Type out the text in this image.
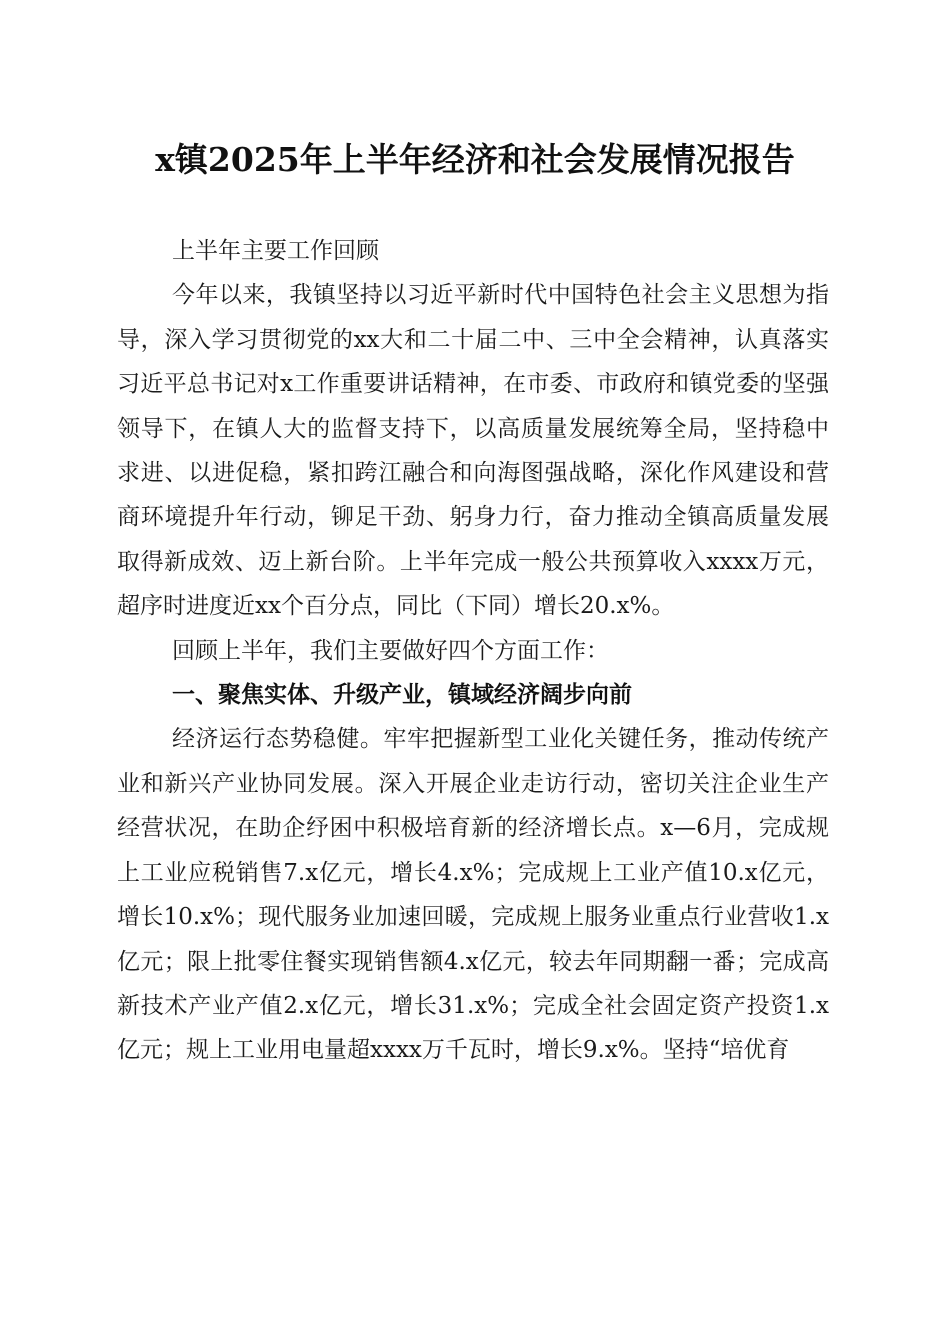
x镇2025年上半年经济和社会发展情况报告

上半年主要工作回顾

今年以来，我镇坚持以习近平新时代中国特色社会主义思想为指导，深入学习贯彻党的xx大和二十届二中、三中全会精神，认真落实习近平总书记对x工作重要讲话精神，在市委、市政府和镇党委的坚强领导下，在镇人大的监督支持下，以高质量发展统筹全局，坚持稳中求进、以进促稳，紧扣跨江融合和向海图强战略，深化作风建设和营商环境提升年行动，铆足干劲、躬身力行，奋力推动全镇高质量发展取得新成效、迈上新台阶。上半年完成一般公共预算收入xxxx万元，超序时进度近xx个百分点，同比（下同）增长20.x%。

回顾上半年，我们主要做好四个方面工作：

一、聚焦实体、升级产业，镇域经济阔步向前

经济运行态势稳健。牢牢把握新型工业化关键任务，推动传统产业和新兴产业协同发展。深入开展企业走访行动，密切关注企业生产经营状况，在助企纾困中积极培育新的经济增长点。x—6月，完成规上工业应税销售7.x亿元，增长4.x%；完成规上工业产值10.x亿元，增长10.x%；现代服务业加速回暖，完成规上服务业重点行业营收1.x亿元；限上批零住餐实现销售额4.x亿元，较去年同期翻一番；完成高新技术产业产值2.x亿元，增长31.x%；完成全社会固定资产投资1.x亿元；规上工业用电量超xxxx万千瓦时，增长9.x%。坚持“培优育
